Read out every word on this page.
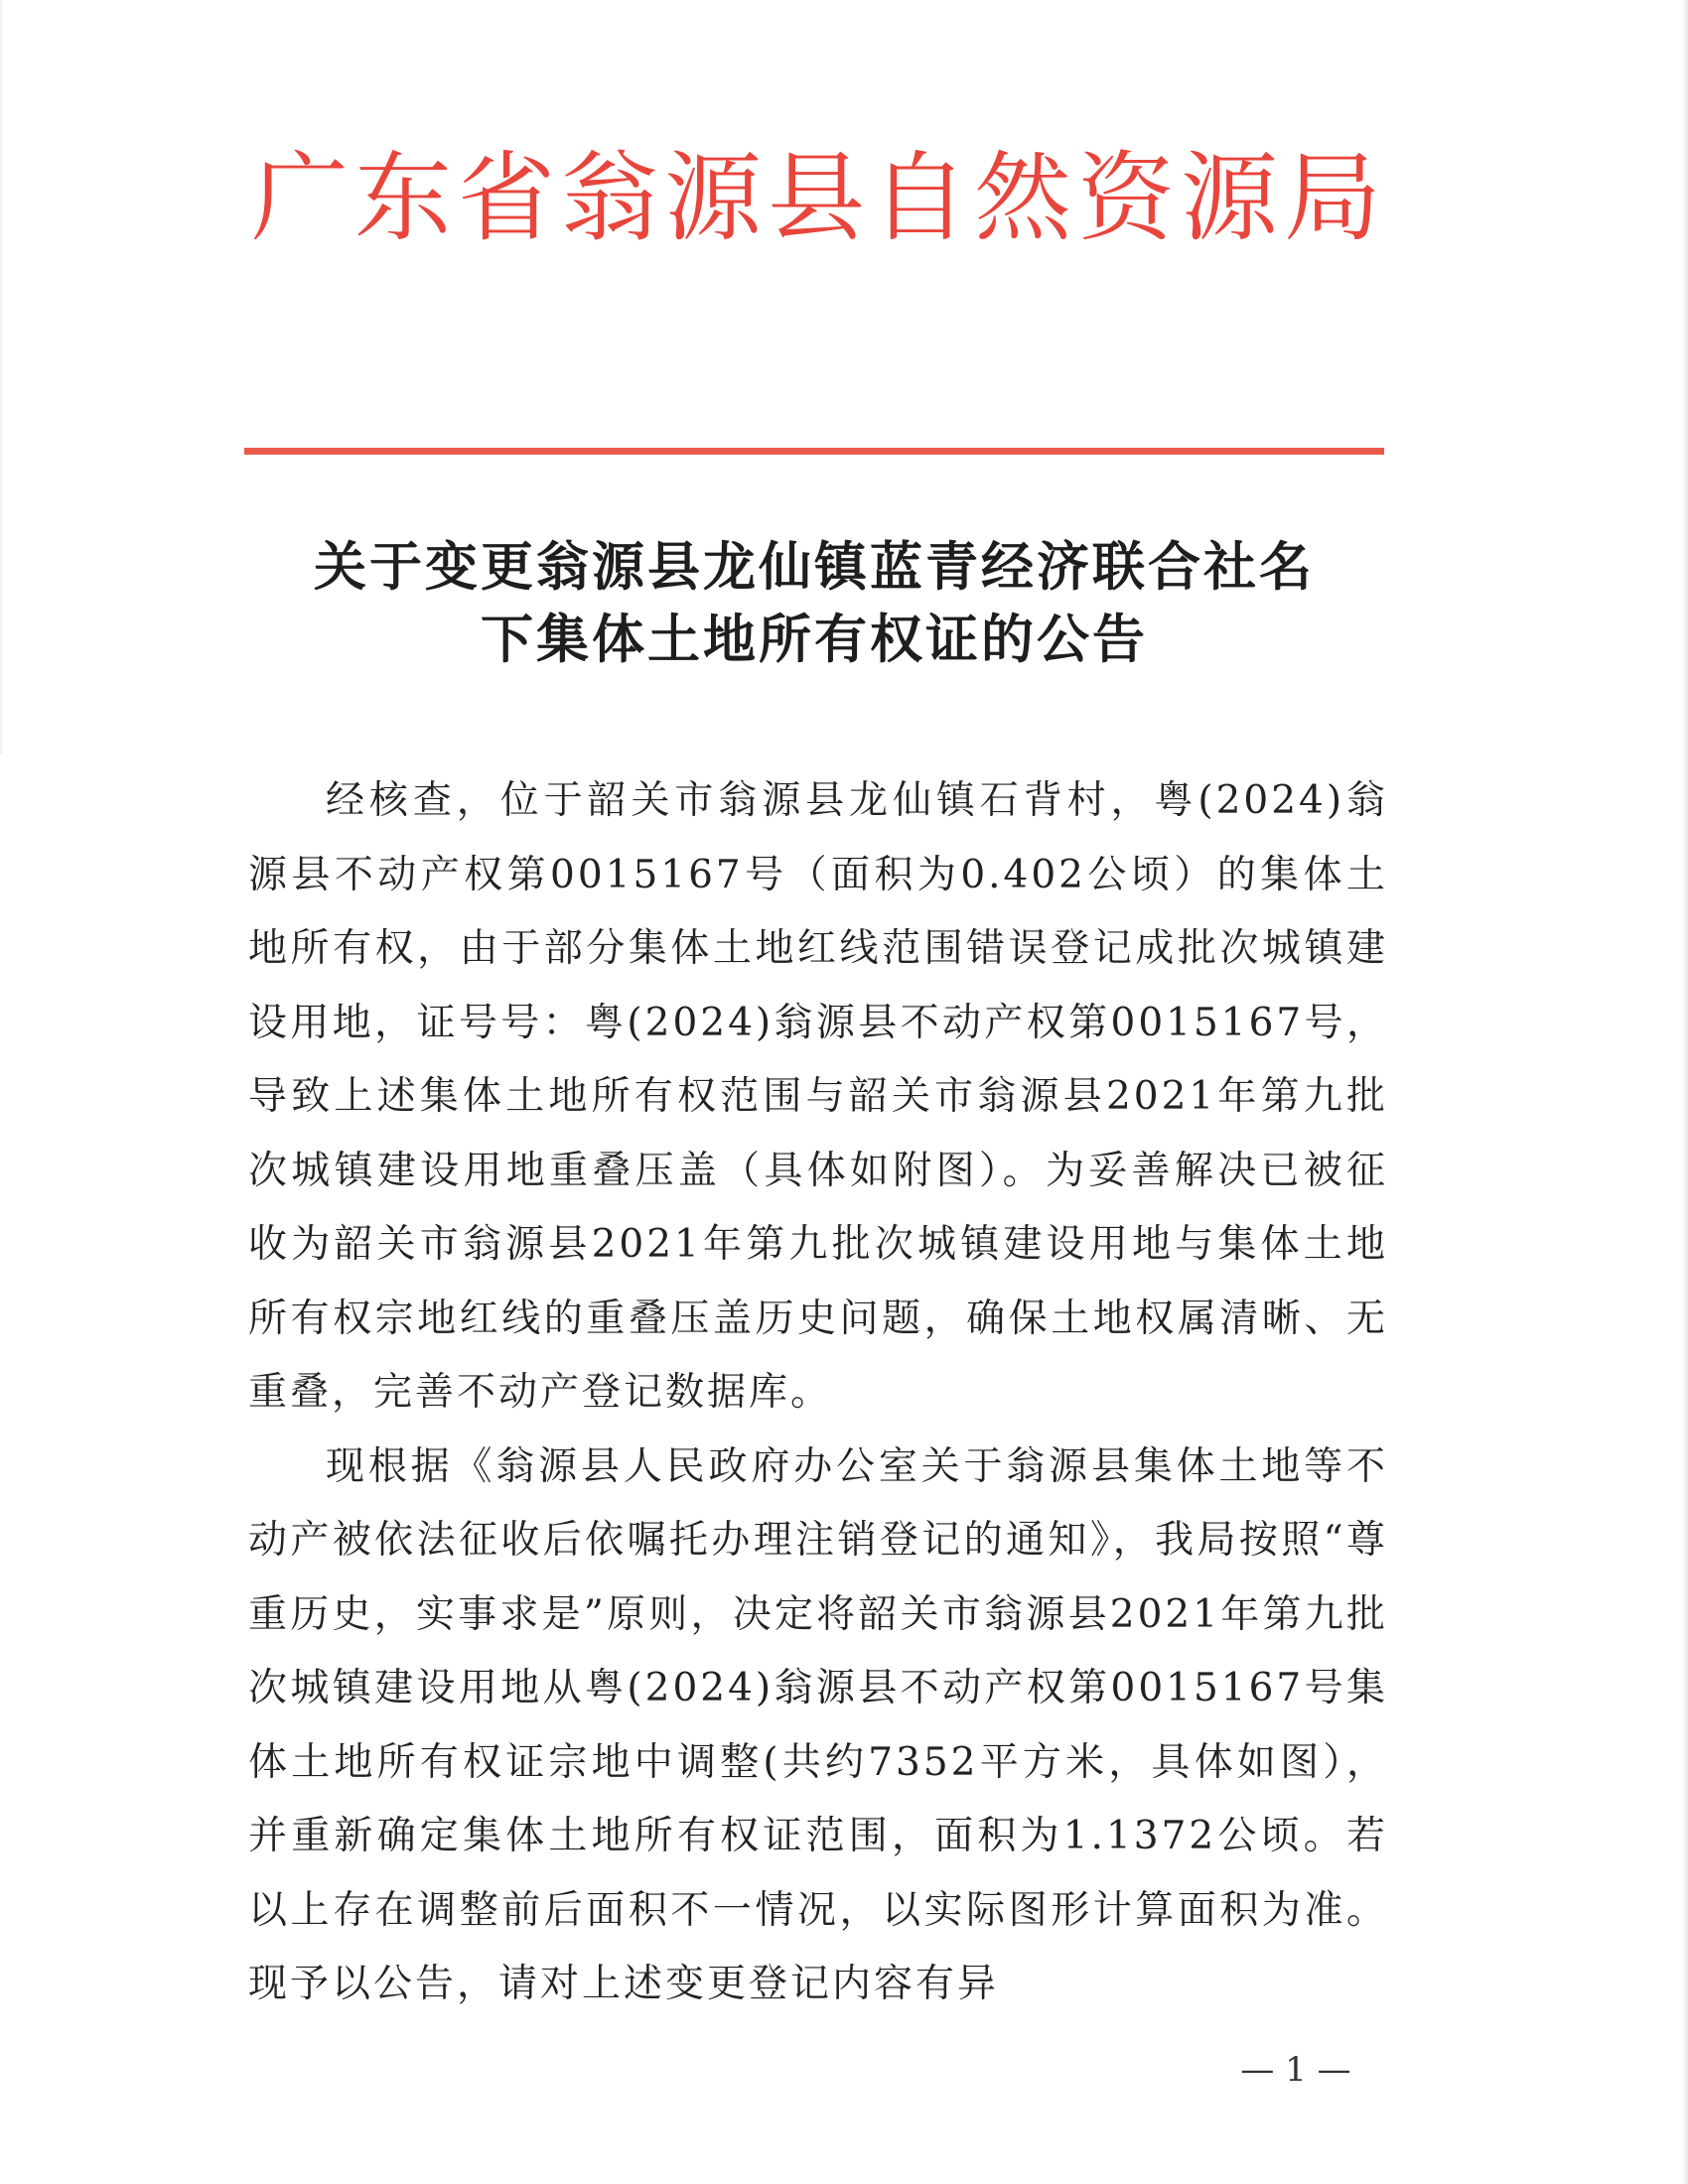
广东省翁源县自然资源局
关于变更翁源县龙仙镇蓝青经济联合社名
下集体土地所有权证的公告

经核查，位于韶关市翁源县龙仙镇石背村，粤(2024)翁源县不动产权第0015167号（面积为0.402公顷）的集体土地所有权，由于部分集体土地红线范围错误登记成批次城镇建设用地，证号号：粤(2024)翁源县不动产权第0015167号，导致上述集体土地所有权范围与韶关市翁源县2021年第九批次城镇建设用地重叠压盖（具体如附图）。为妥善解决已被征收为韶关市翁源县2021年第九批次城镇建设用地与集体土地所有权宗地红线的重叠压盖历史问题，确保土地权属清晰、无重叠，完善不动产登记数据库。

现根据《翁源县人民政府办公室关于翁源县集体土地等不动产被依法征收后依嘱托办理注销登记的通知》，我局按照“尊重历史，实事求是”原则，决定将韶关市翁源县2021年第九批次城镇建设用地从粤(2024)翁源县不动产权第0015167号集体土地所有权证宗地中调整(共约7352平方米，具体如图），并重新确定集体土地所有权证范围，面积为1.1372公顷。若以上存在调整前后面积不一情况，以实际图形计算面积为准。现予以公告，请对上述变更登记内容有异

— 1 —
